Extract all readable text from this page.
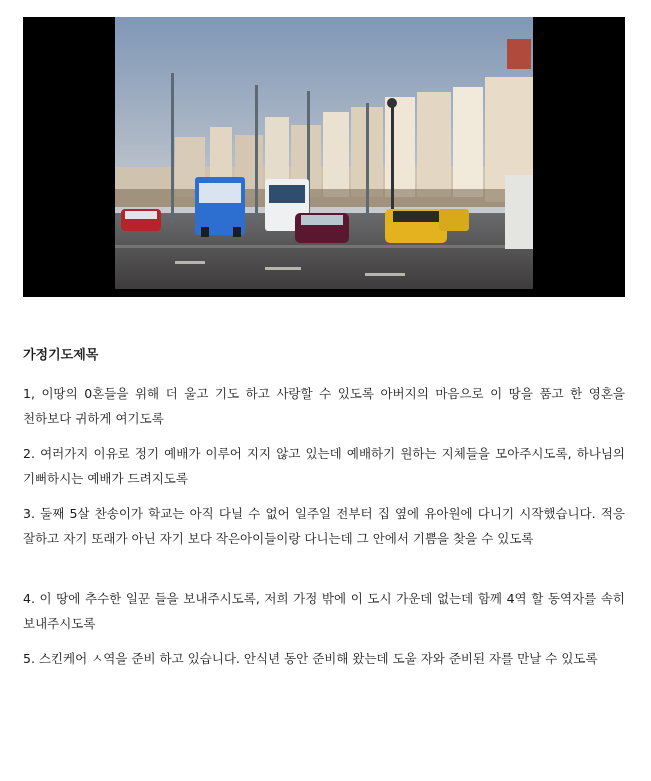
가정기도제목

1, 이땅의 0혼들을 위해 더 울고 기도 하고 사랑할 수 있도록 아버지의 마음으로 이 땅을 품고 한 영혼을 천하보다 귀하게 여기도록

2. 여러가지 이유로 정기 예배가 이루어 지지 않고 있는데 예배하기 원하는 지체들을 모아주시도록, 하나님의 기뻐하시는 예배가 드려지도록

3. 둘째 5살 찬송이가 학교는 아직 다닐 수 없어 일주일 전부터 집 옆에 유아원에 다니기 시작했습니다. 적응 잘하고 자기 또래가 아닌 자기 보다 작은아이들이랑 다니는데 그 안에서 기쁨을 찾을 수 있도록

4. 이 땅에 추수한 일꾼 들을 보내주시도록, 저희 가정 밖에 이 도시 가운데 없는데 함께 4역 할 동역자를 속히 보내주시도록

5. 스킨케어 ㅅ역을 준비 하고 있습니다. 안식년 동안 준비해 왔는데 도울 자와 준비된 자를 만날 수 있도록
